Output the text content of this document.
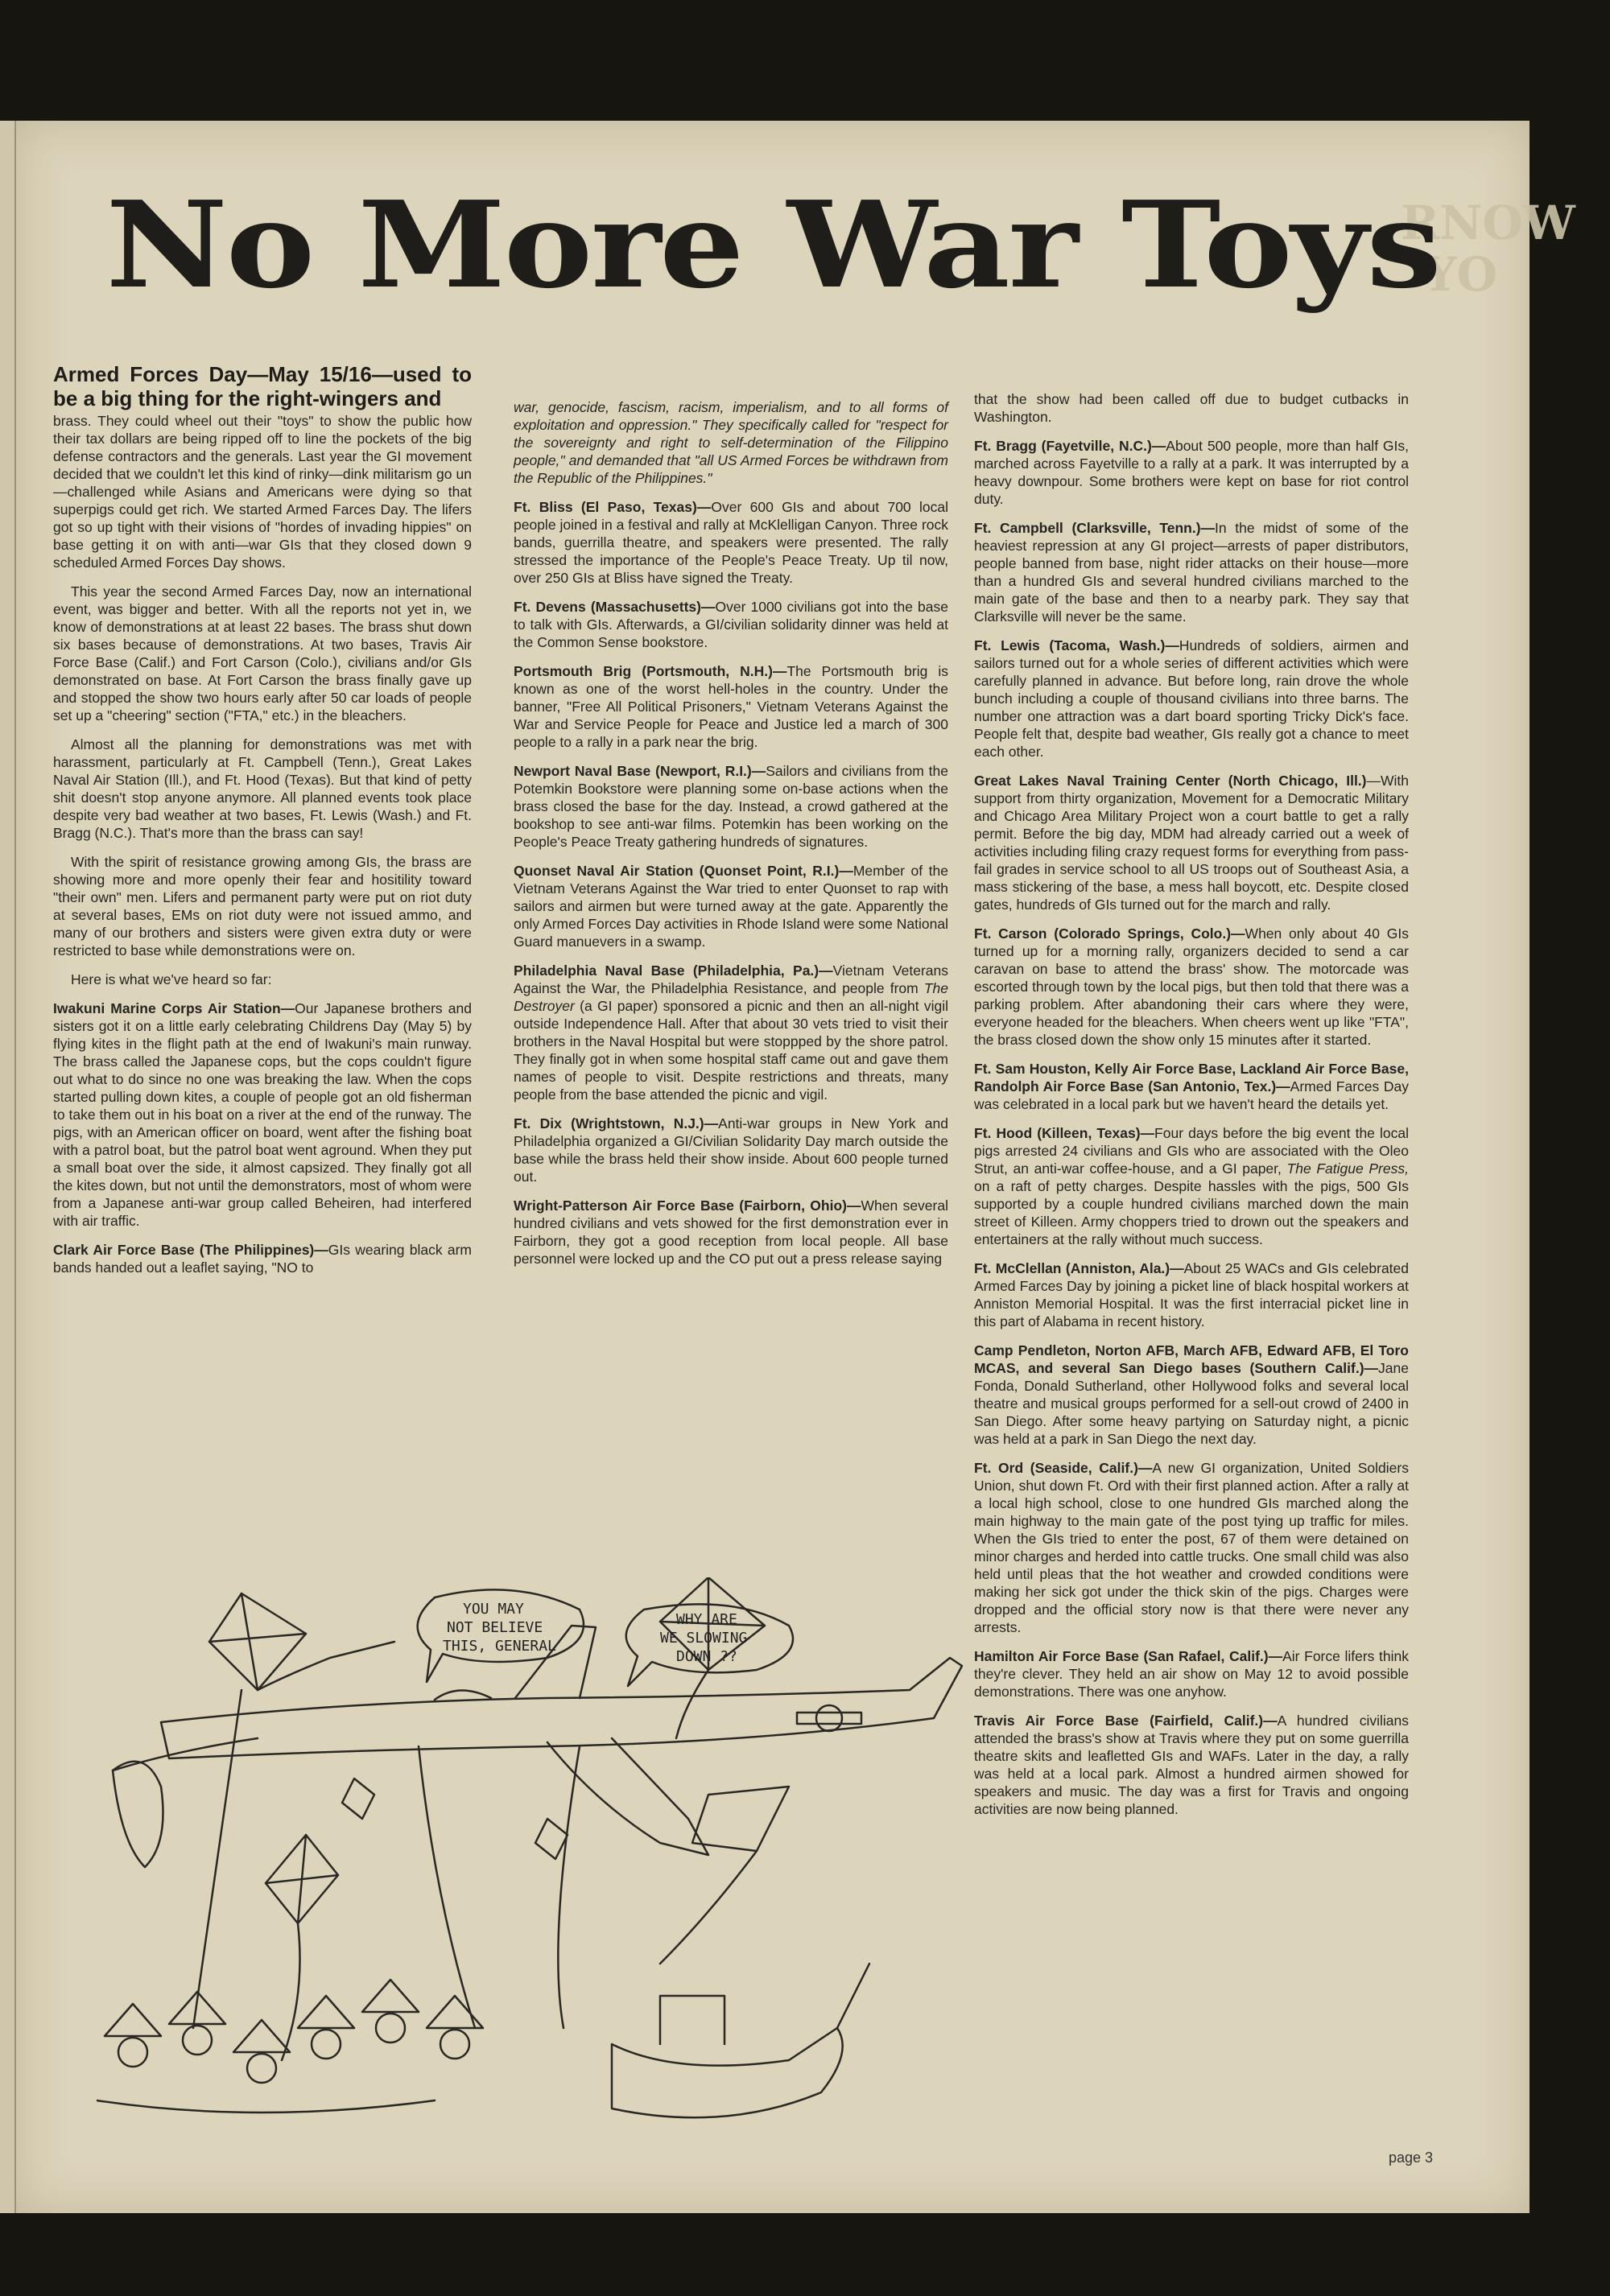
RNOW YO
No More War Toys
Armed Forces Day—May 15/16—used to be a big thing for the right-wingers and

brass. They could wheel out their "toys" to show the public how their tax dollars are being ripped off to line the pockets of the big defense contractors and the generals. Last year the GI movement decided that we couldn't let this kind of rinky—dink militarism go un—challenged while Asians and Americans were dying so that superpigs could get rich. We started Armed Farces Day. The lifers got so up tight with their visions of "hordes of invading hippies" on base getting it on with anti—war GIs that they closed down 9 scheduled Armed Forces Day shows.

This year the second Armed Farces Day, now an international event, was bigger and better. With all the reports not yet in, we know of demonstrations at at least 22 bases. The brass shut down six bases because of demonstrations. At two bases, Travis Air Force Base (Calif.) and Fort Carson (Colo.), civilians and/or GIs demonstrated on base. At Fort Carson the brass finally gave up and stopped the show two hours early after 50 car loads of people set up a "cheering" section ("FTA," etc.) in the bleachers.

Almost all the planning for demonstrations was met with harassment, particularly at Ft. Campbell (Tenn.), Great Lakes Naval Air Station (Ill.), and Ft. Hood (Texas). But that kind of petty shit doesn't stop anyone anymore. All planned events took place despite very bad weather at two bases, Ft. Lewis (Wash.) and Ft. Bragg (N.C.). That's more than the brass can say!

With the spirit of resistance growing among GIs, the brass are showing more and more openly their fear and hositility toward "their own" men. Lifers and permanent party were put on riot duty at several bases, EMs on riot duty were not issued ammo, and many of our brothers and sisters were given extra duty or were restricted to base while demonstrations were on.

Here is what we've heard so far:

Iwakuni Marine Corps Air Station—Our Japanese brothers and sisters got it on a little early celebrating Childrens Day (May 5) by flying kites in the flight path at the end of Iwakuni's main runway. The brass called the Japanese cops, but the cops couldn't figure out what to do since no one was breaking the law. When the cops started pulling down kites, a couple of people got an old fisherman to take them out in his boat on a river at the end of the runway. The pigs, with an American officer on board, went after the fishing boat with a patrol boat, but the patrol boat went aground. When they put a small boat over the side, it almost capsized. They finally got all the kites down, but not until the demonstrators, most of whom were from a Japanese anti-war group called Beheiren, had interfered with air traffic.

Clark Air Force Base (The Philippines)—GIs wearing black arm bands handed out a leaflet saying, "NO to

war, genocide, fascism, racism, imperialism, and to all forms of exploitation and oppression." They specifically called for "respect for the sovereignty and right to self-determination of the Filippino people," and demanded that "all US Armed Forces be withdrawn from the Republic of the Philippines."

Ft. Bliss (El Paso, Texas)—Over 600 GIs and about 700 local people joined in a festival and rally at McKlelligan Canyon. Three rock bands, guerrilla theatre, and speakers were presented. The rally stressed the importance of the People's Peace Treaty. Up til now, over 250 GIs at Bliss have signed the Treaty.

Ft. Devens (Massachusetts)—Over 1000 civilians got into the base to talk with GIs. Afterwards, a GI/civilian solidarity dinner was held at the Common Sense bookstore.

Portsmouth Brig (Portsmouth, N.H.)—The Portsmouth brig is known as one of the worst hell-holes in the country. Under the banner, "Free All Political Prisoners," Vietnam Veterans Against the War and Service People for Peace and Justice led a march of 300 people to a rally in a park near the brig.

Newport Naval Base (Newport, R.I.)—Sailors and civilians from the Potemkin Bookstore were planning some on-base actions when the brass closed the base for the day. Instead, a crowd gathered at the bookshop to see anti-war films. Potemkin has been working on the People's Peace Treaty gathering hundreds of signatures.

Quonset Naval Air Station (Quonset Point, R.I.)—Member of the Vietnam Veterans Against the War tried to enter Quonset to rap with sailors and airmen but were turned away at the gate. Apparently the only Armed Forces Day activities in Rhode Island were some National Guard manuevers in a swamp.

Philadelphia Naval Base (Philadelphia, Pa.)—Vietnam Veterans Against the War, the Philadelphia Resistance, and people from The Destroyer (a GI paper) sponsored a picnic and then an all-night vigil outside Independence Hall. After that about 30 vets tried to visit their brothers in the Naval Hospital but were stoppped by the shore patrol. They finally got in when some hospital staff came out and gave them names of people to visit. Despite restrictions and threats, many people from the base attended the picnic and vigil.

Ft. Dix (Wrightstown, N.J.)—Anti-war groups in New York and Philadelphia organized a GI/Civilian Solidarity Day march outside the base while the brass held their show inside. About 600 people turned out.

Wright-Patterson Air Force Base (Fairborn, Ohio)—When several hundred civilians and vets showed for the first demonstration ever in Fairborn, they got a good reception from local people. All base personnel were locked up and the CO put out a press release saying

that the show had been called off due to budget cutbacks in Washington.

Ft. Bragg (Fayetville, N.C.)—About 500 people, more than half GIs, marched across Fayetville to a rally at a park. It was interrupted by a heavy downpour. Some brothers were kept on base for riot control duty.

Ft. Campbell (Clarksville, Tenn.)—In the midst of some of the heaviest repression at any GI project—arrests of paper distributors, people banned from base, night rider attacks on their house—more than a hundred GIs and several hundred civilians marched to the main gate of the base and then to a nearby park. They say that Clarksville will never be the same.

Ft. Lewis (Tacoma, Wash.)—Hundreds of soldiers, airmen and sailors turned out for a whole series of different activities which were carefully planned in advance. But before long, rain drove the whole bunch including a couple of thousand civilians into three barns. The number one attraction was a dart board sporting Tricky Dick's face. People felt that, despite bad weather, GIs really got a chance to meet each other.

Great Lakes Naval Training Center (North Chicago, Ill.)—With support from thirty organization, Movement for a Democratic Military and Chicago Area Military Project won a court battle to get a rally permit. Before the big day, MDM had already carried out a week of activities including filing crazy request forms for everything from pass-fail grades in service school to all US troops out of Southeast Asia, a mass stickering of the base, a mess hall boycott, etc. Despite closed gates, hundreds of GIs turned out for the march and rally.

Ft. Carson (Colorado Springs, Colo.)—When only about 40 GIs turned up for a morning rally, organizers decided to send a car caravan on base to attend the brass' show. The motorcade was escorted through town by the local pigs, but then told that there was a parking problem. After abandoning their cars where they were, everyone headed for the bleachers. When cheers went up like "FTA", the brass closed down the show only 15 minutes after it started.

Ft. Sam Houston, Kelly Air Force Base, Lackland Air Force Base, Randolph Air Force Base (San Antonio, Tex.)—Armed Farces Day was celebrated in a local park but we haven't heard the details yet.

Ft. Hood (Killeen, Texas)—Four days before the big event the local pigs arrested 24 civilians and GIs who are associated with the Oleo Strut, an anti-war coffee-house, and a GI paper, The Fatigue Press, on a raft of petty charges. Despite hassles with the pigs, 500 GIs supported by a couple hundred civilians marched down the main street of Killeen. Army choppers tried to drown out the speakers and entertainers at the rally without much success.

Ft. McClellan (Anniston, Ala.)—About 25 WACs and GIs celebrated Armed Farces Day by joining a picket line of black hospital workers at Anniston Memorial Hospital. It was the first interracial picket line in this part of Alabama in recent history.

Camp Pendleton, Norton AFB, March AFB, Edward AFB, El Toro MCAS, and several San Diego bases (Southern Calif.)—Jane Fonda, Donald Sutherland, other Hollywood folks and several local theatre and musical groups performed for a sell-out crowd of 2400 in San Diego. After some heavy partying on Saturday night, a picnic was held at a park in San Diego the next day.

Ft. Ord (Seaside, Calif.)—A new GI organization, United Soldiers Union, shut down Ft. Ord with their first planned action. After a rally at a local high school, close to one hundred GIs marched along the main highway to the main gate of the post tying up traffic for miles. When the GIs tried to enter the post, 67 of them were detained on minor charges and herded into cattle trucks. One small child was also held until pleas that the hot weather and crowded conditions were making her sick got under the thick skin of the pigs. Charges were dropped and the official story now is that there were never any arrests.

Hamilton Air Force Base (San Rafael, Calif.)—Air Force lifers think they're clever. They held an air show on May 12 to avoid possible demonstrations. There was one anyhow.

Travis Air Force Base (Fairfield, Calif.)—A hundred civilians attended the brass's show at Travis where they put on some guerrilla theatre skits and leafletted GIs and WAFs. Later in the day, a rally was held at a local park. Almost a hundred airmen showed for speakers and music. The day was a first for Travis and ongoing activities are now being planned.

YOU MAY
NOT BELIEVE
THIS, GENERAL
WHY ARE
WE SLOWING
DOWN ??
page 3
